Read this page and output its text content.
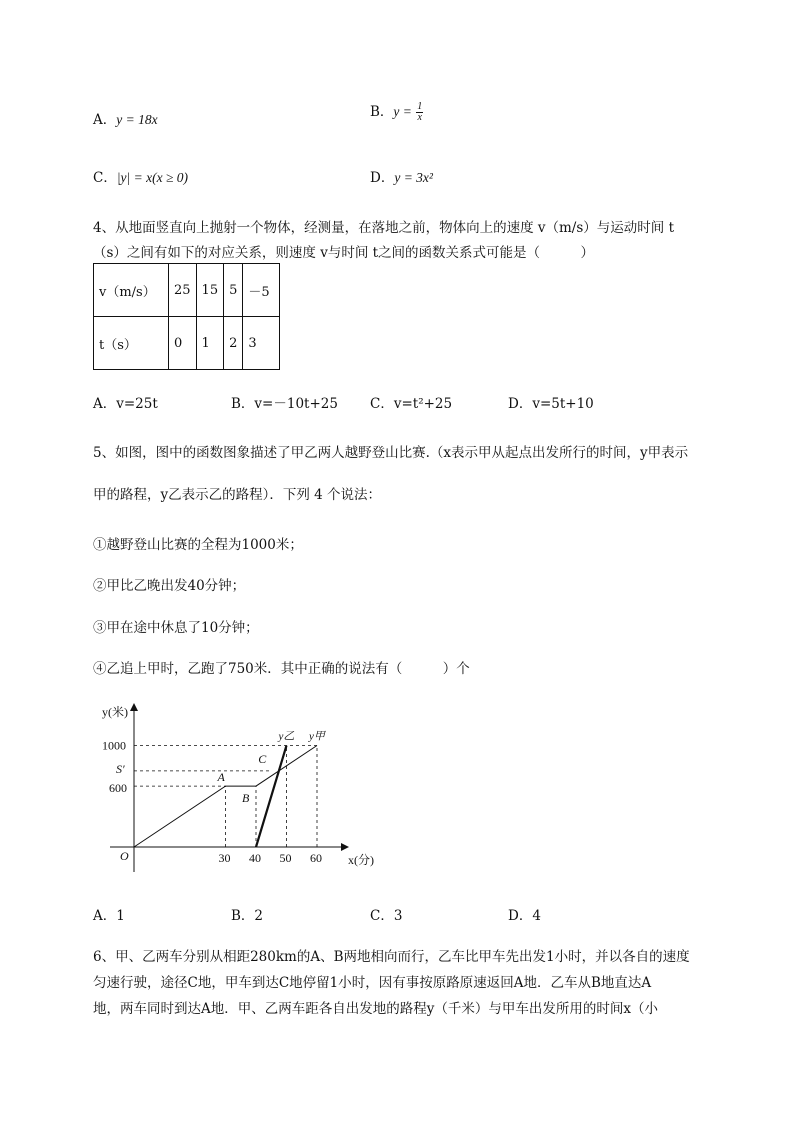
A．y = 18x	B．$y = \frac{1}{x}$
C．|y| = x(x ≥ 0)	D．y = 3x²
4、从地面竖直向上抛射一个物体，经测量，在落地之前，物体向上的速度 v（m/s）与运动时间 t
（s）之间有如下的对应关系，则速度 v与时间 t之间的函数关系式可能是（　　　）
v（m/s）	25	15	5	－5
t（s）	0	1	2	3
A．v=25t	B．v=－10t+25 C．v=t²+25	D．v=5t+10
5、如图，图中的函数图象描述了甲乙两人越野登山比赛.（x表示甲从起点出发所行的时间，y甲表示
甲的路程，y乙表示乙的路程）．下列 4 个说法：
①越野登山比赛的全程为1000米；
②甲比乙晚出发40分钟；
③甲在途中休息了10分钟；
④乙追上甲时，乙跑了750米．其中正确的说法有（　　　）个
y(米)
x(分)
O	30 40 50 60
1000
S′
600
y甲
y乙
A
B
C
A．1	B．2	C．3	D．4
6、甲、乙两车分别从相距280km的A、B两地相向而行，乙车比甲车先出发1小时，并以各自的速度
匀速行驶，途径C地，甲车到达C地停留1小时，因有事按原路原速返回A地．乙车从B地直达A
地，两车同时到达A地．甲、乙两车距各自出发地的路程y（千米）与甲车出发所用的时间x（小
